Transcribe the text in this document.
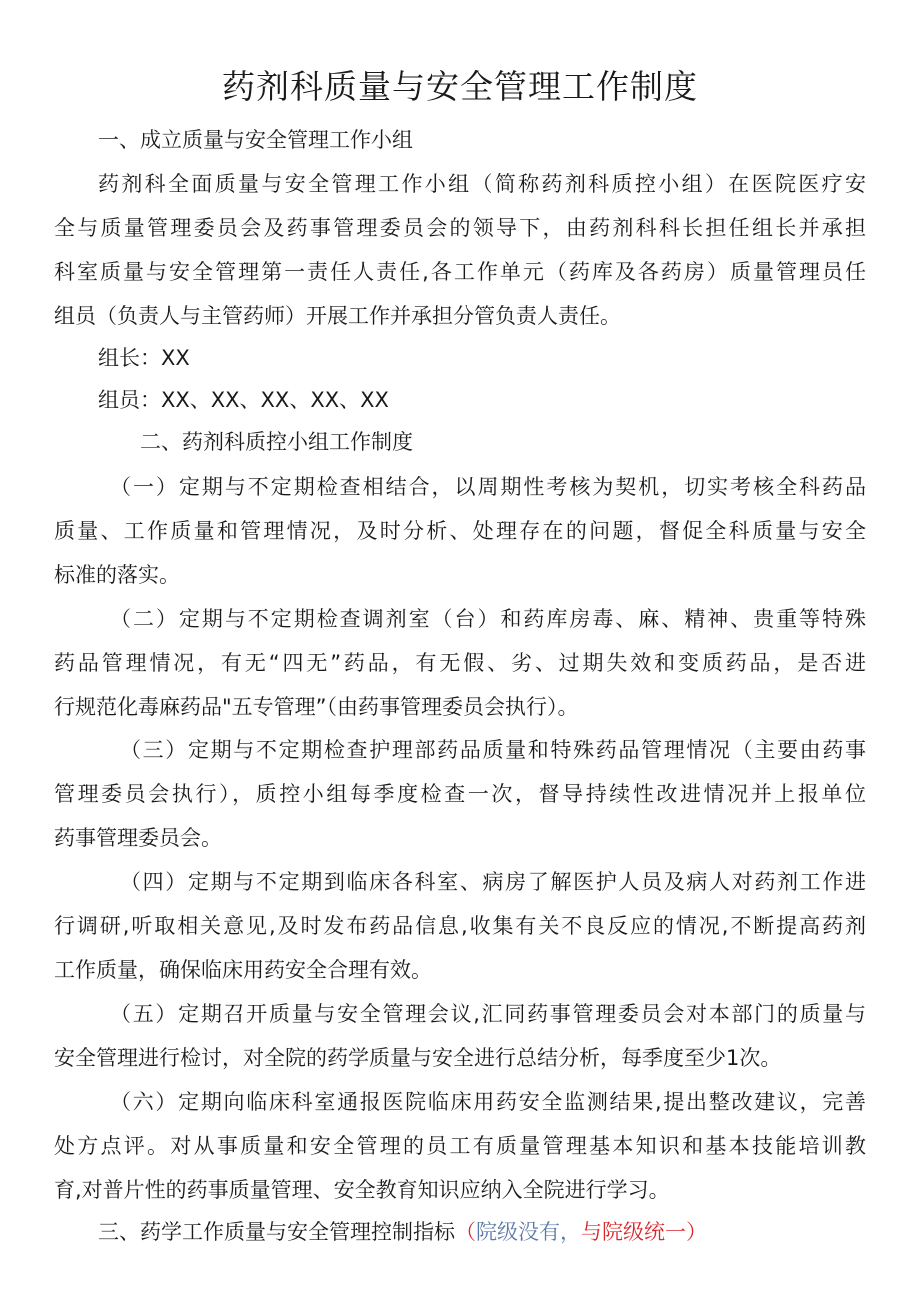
药剂科质量与安全管理工作制度

一、成立质量与安全管理工作小组

药剂科全面质量与安全管理工作小组（简称药剂科质控小组）在医院医疗安

全与质量管理委员会及药事管理委员会的领导下，由药剂科科长担任组长并承担

科室质量与安全管理第一责任人责任,各工作单元（药库及各药房）质量管理员任

组员（负责人与主管药师）开展工作并承担分管负责人责任。

组长：XX

组员：XX、XX、XX、XX、XX

二、药剂科质控小组工作制度

（一）定期与不定期检查相结合，以周期性考核为契机，切实考核全科药品

质量、工作质量和管理情况，及时分析、处理存在的问题，督促全科质量与安全

标准的落实。

（二）定期与不定期检查调剂室（台）和药库房毒、麻、精神、贵重等特殊

药品管理情况，有无“四无”药品，有无假、劣、过期失效和变质药品，是否进

行规范化毒麻药品"五专管理”（由药事管理委员会执行）。

（三）定期与不定期检查护理部药品质量和特殊药品管理情况（主要由药事

管理委员会执行），质控小组每季度检查一次，督导持续性改进情况并上报单位

药事管理委员会。

（四）定期与不定期到临床各科室、病房了解医护人员及病人对药剂工作进

行调研,听取相关意见,及时发布药品信息,收集有关不良反应的情况,不断提高药剂

工作质量，确保临床用药安全合理有效。

（五）定期召开质量与安全管理会议,汇同药事管理委员会对本部门的质量与

安全管理进行检讨，对全院的药学质量与安全进行总结分析，每季度至少1次。

（六）定期向临床科室通报医院临床用药安全监测结果,提出整改建议，完善

处方点评。对从事质量和安全管理的员工有质量管理基本知识和基本技能培训教

育,对普片性的药事质量管理、安全教育知识应纳入全院进行学习。

三、药学工作质量与安全管理控制指标（院级没有，与院级统一）
